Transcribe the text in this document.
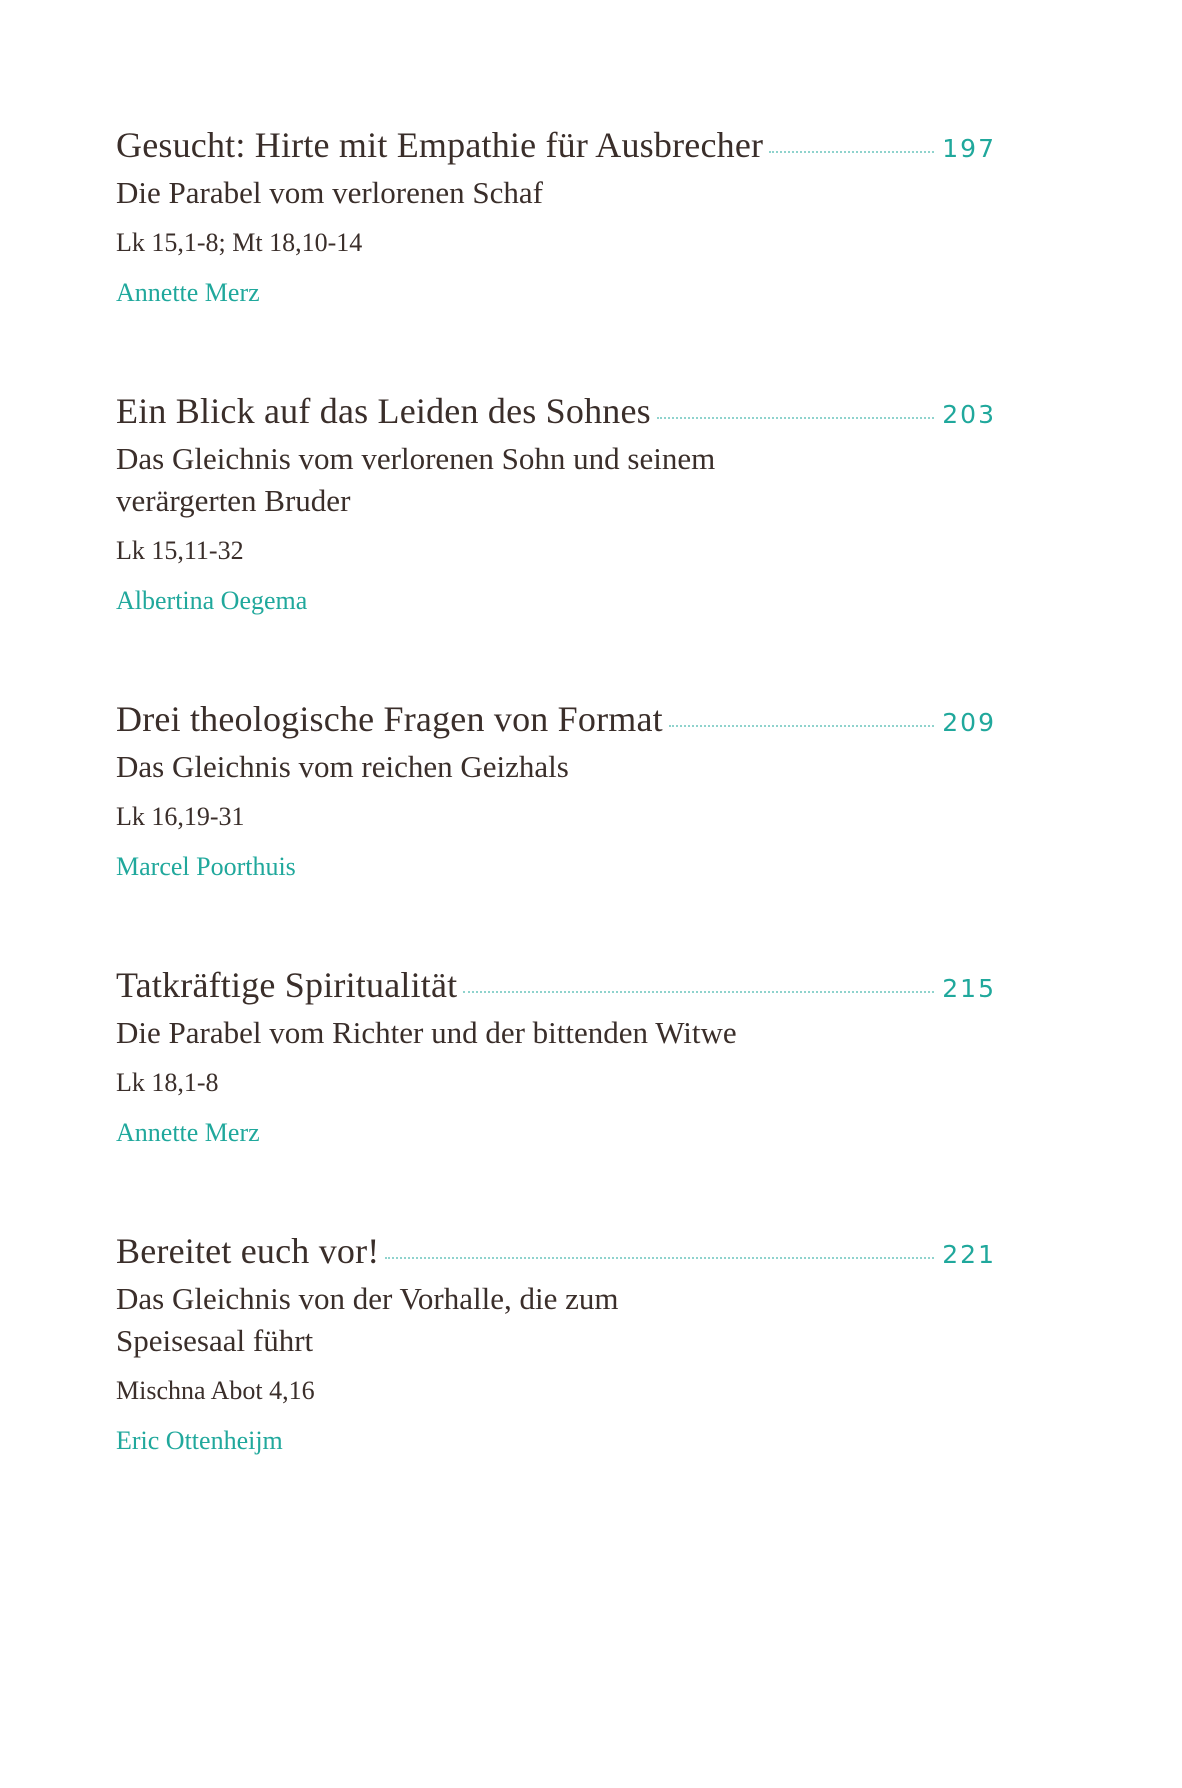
Gesucht: Hirte mit Empathie für Ausbrecher	197
Die Parabel vom verlorenen Schaf
Lk 15,1-8; Mt 18,10-14
Annette Merz
Ein Blick auf das Leiden des Sohnes	203
Das Gleichnis vom verlorenen Sohn und seinem verärgerten Bruder
Lk 15,11-32
Albertina Oegema
Drei theologische Fragen von Format	209
Das Gleichnis vom reichen Geizhals
Lk 16,19-31
Marcel Poorthuis
Tatkräftige Spiritualität	215
Die Parabel vom Richter und der bittenden Witwe
Lk 18,1-8
Annette Merz
Bereitet euch vor!	221
Das Gleichnis von der Vorhalle, die zum Speisesaal führt
Mischna Abot 4,16
Eric Ottenheijm
